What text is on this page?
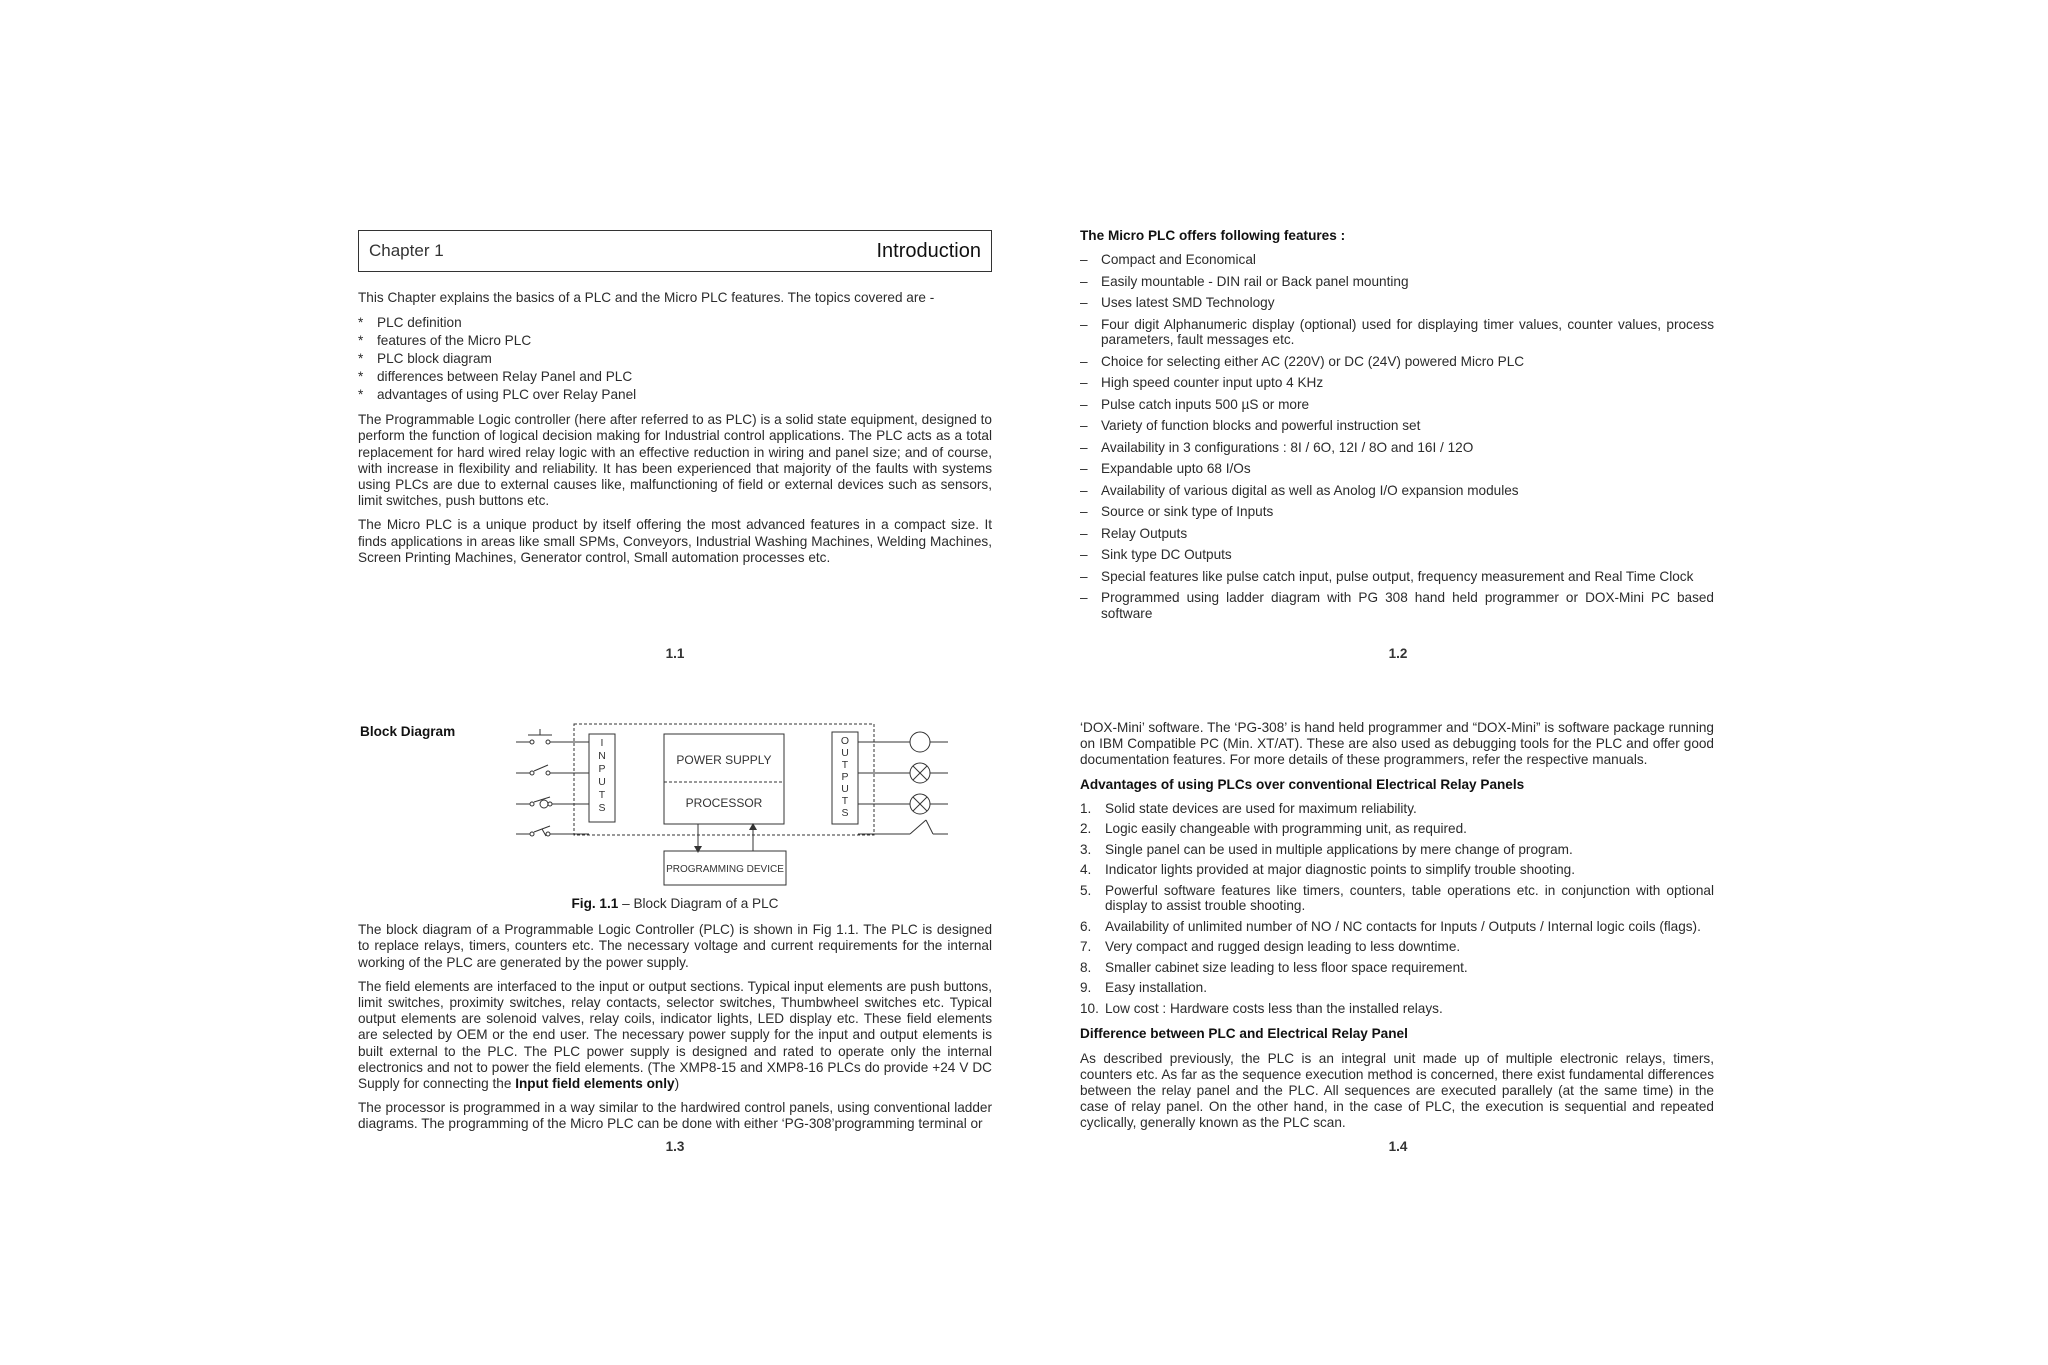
Chapter 1	Introduction

This Chapter explains the basics of a PLC and the Micro PLC features. The topics covered are -

* PLC definition
* features of the Micro PLC
* PLC block diagram
* differences between Relay Panel and PLC
* advantages of using PLC over Relay Panel

The Programmable Logic controller (here after referred to as PLC) is a solid state equipment, designed to perform the function of logical decision making for Industrial control applications. The PLC acts as a total replacement for hard wired relay logic with an effective reduction in wiring and panel size; and of course, with increase in flexibility and reliability. It has been experienced that majority of the faults with systems using PLCs are due to external causes like, malfunctioning of field or external devices such as sensors, limit switches, push buttons etc.

The Micro PLC is a unique product by itself offering the most advanced features in a compact size. It finds applications in areas like small SPMs, Conveyors, Industrial Washing Machines, Welding Machines, Screen Printing Machines, Generator control, Small automation processes etc.

1.1
The Micro PLC offers following features :
– Compact and Economical
– Easily mountable - DIN rail or Back panel mounting
– Uses latest SMD Technology
– Four digit Alphanumeric display (optional) used for displaying timer values, counter values, process parameters, fault messages etc.
– Choice for selecting either AC (220V) or DC (24V) powered Micro PLC
– High speed counter input upto 4 KHz
– Pulse catch inputs 500 µS or more
– Variety of function blocks and powerful instruction set
– Availability in 3 configurations : 8I / 6O, 12I / 8O and 16I / 12O
– Expandable upto 68 I/Os
– Availability of various digital as well as Anolog I/O expansion modules
– Source or sink type of Inputs
– Relay Outputs
– Sink type DC Outputs
– Special features like pulse catch input, pulse output, frequency measurement and Real Time Clock
– Programmed using ladder diagram with PG 308 hand held programmer or DOX-Mini PC based software
1.2
Block Diagram
I
N
P
U
T
S
O
U
T
P
U
T
S
POWER SUPPLY
PROCESSOR
PROGRAMMING DEVICE
Fig. 1.1 – Block Diagram of a PLC

The block diagram of a Programmable Logic Controller (PLC) is shown in Fig 1.1. The PLC is designed to replace relays, timers, counters etc. The necessary voltage and current requirements for the internal working of the PLC are generated by the power supply.

The field elements are interfaced to the input or output sections. Typical input elements are push buttons, limit switches, proximity switches, relay contacts, selector switches, Thumbwheel switches etc. Typical output elements are solenoid valves, relay coils, indicator lights, LED display etc. These field elements are selected by OEM or the end user. The necessary power supply for the input and output elements is built external to the PLC. The PLC power supply is designed and rated to operate only the internal electronics and not to power the field elements. (The XMP8-15 and XMP8-16 PLCs do provide +24 V DC Supply for connecting the Input field elements only)

The processor is programmed in a way similar to the hardwired control panels, using conventional ladder diagrams. The programming of the Micro PLC can be done with either ‘PG-308’programming terminal or

1.3

‘DOX-Mini’ software. The ‘PG-308’ is hand held programmer and “DOX-Mini” is software package running on IBM Compatible PC (Min. XT/AT). These are also used as debugging tools for the PLC and offer good documentation features. For more details of these programmers, refer the respective manuals.

Advantages of using PLCs over conventional Electrical Relay Panels
1.	Solid state devices are used for maximum reliability.
2.	Logic easily changeable with programming unit, as required.
3.	Single panel can be used in multiple applications by mere change of program.
4.	Indicator lights provided at major diagnostic points to simplify trouble shooting.
5.	Powerful software features like timers, counters, table operations etc. in conjunction with optional display to assist trouble shooting.
6.	Availability of unlimited number of NO / NC contacts for Inputs / Outputs / Internal logic coils (flags).
7.	Very compact and rugged design leading to less downtime.
8.	Smaller cabinet size leading to less floor space requirement.
9.	Easy installation.
10. Low cost : Hardware costs less than the installed relays.
Difference between PLC and Electrical Relay Panel

As described previously, the PLC is an integral unit made up of multiple electronic relays, timers, counters etc. As far as the sequence execution method is concerned, there exist fundamental differences between the relay panel and the PLC. All sequences are executed parallely (at the same time) in the case of relay panel. On the other hand, in the case of PLC, the execution is sequential and repeated cyclically, generally known as the PLC scan.

1.4
